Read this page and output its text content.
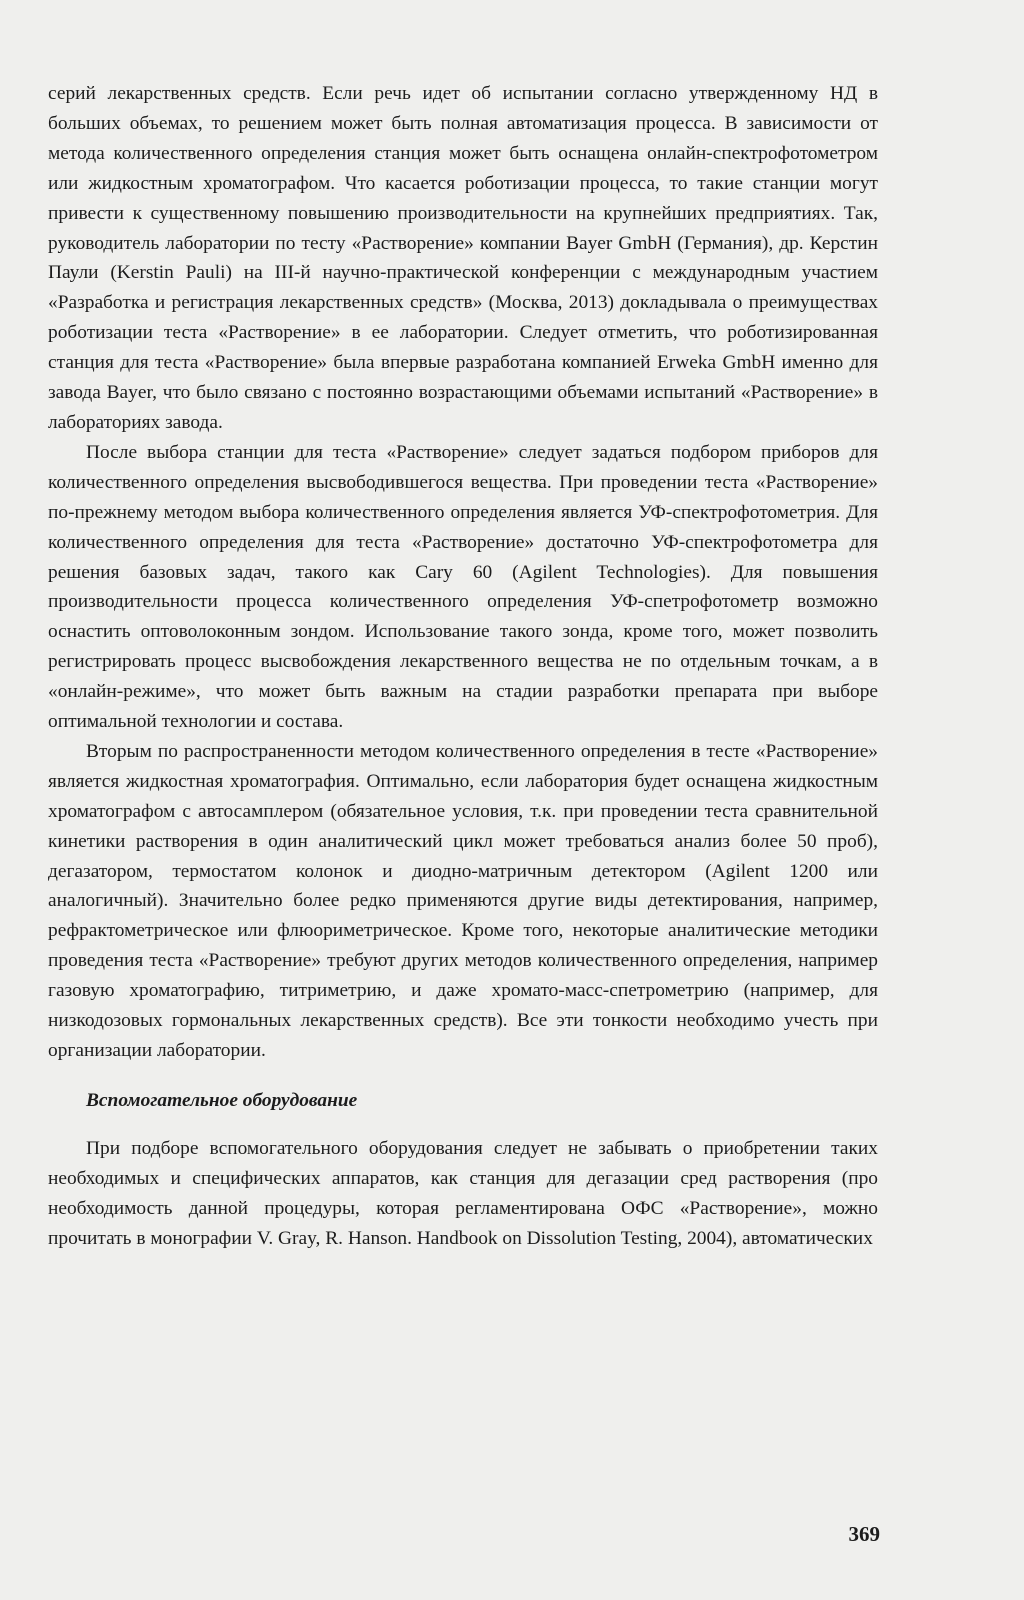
серий лекарственных средств. Если речь идет об испытании согласно утвержденному НД в больших объемах, то решением может быть полная автоматизация процесса. В зависимости от метода количественного определения станция может быть оснащена онлайн-спектрофотометром или жидкостным хроматографом. Что касается роботизации процесса, то такие станции могут привести к существенному повышению производительности на крупнейших предприятиях. Так, руководитель лаборатории по тесту «Растворение» компании Bayer GmbH (Германия), др. Керстин Паули (Kerstin Pauli) на III-й научно-практической конференции с международным участием «Разработка и регистрация лекарственных средств» (Москва, 2013) докладывала о преимуществах роботизации теста «Растворение» в ее лаборатории. Следует отметить, что роботизированная станция для теста «Растворение» была впервые разработана компанией Erweka GmbH именно для завода Bayer, что было связано с постоянно возрастающими объемами испытаний «Растворение» в лабораториях завода.

После выбора станции для теста «Растворение» следует задаться подбором приборов для количественного определения высвободившегося вещества. При проведении теста «Растворение» по-прежнему методом выбора количественного определения является УФ-спектрофотометрия. Для количественного определения для теста «Растворение» достаточно УФ-спектрофотометра для решения базовых задач, такого как Cary 60 (Agilent Technologies). Для повышения производительности процесса количественного определения УФ-спетрофотометр возможно оснастить оптоволоконным зондом. Использование такого зонда, кроме того, может позволить регистрировать процесс высвобождения лекарственного вещества не по отдельным точкам, а в «онлайн-режиме», что может быть важным на стадии разработки препарата при выборе оптимальной технологии и состава.

Вторым по распространенности методом количественного определения в тесте «Растворение» является жидкостная хроматография. Оптимально, если лаборатория будет оснащена жидкостным хроматографом с автосамплером (обязательное условия, т.к. при проведении теста сравнительной кинетики растворения в один аналитический цикл может требоваться анализ более 50 проб), дегазатором, термостатом колонок и диодно-матричным детектором (Agilent 1200 или аналогичный). Значительно более редко применяются другие виды детектирования, например, рефрактометрическое или флюориметрическое. Кроме того, некоторые аналитические методики проведения теста «Растворение» требуют других методов количественного определения, например газовую хроматографию, титриметрию, и даже хромато-масс-спетрометрию (например, для низкодозовых гормональных лекарственных средств). Все эти тонкости необходимо учесть при организации лаборатории.

Вспомогательное оборудование

При подборе вспомогательного оборудования следует не забывать о приобретении таких необходимых и специфических аппаратов, как станция для дегазации сред растворения (про необходимость данной процедуры, которая регламентирована ОФС «Растворение», можно прочитать в монографии V. Gray, R. Hanson. Handbook on Dissolution Testing, 2004), автоматических

369
